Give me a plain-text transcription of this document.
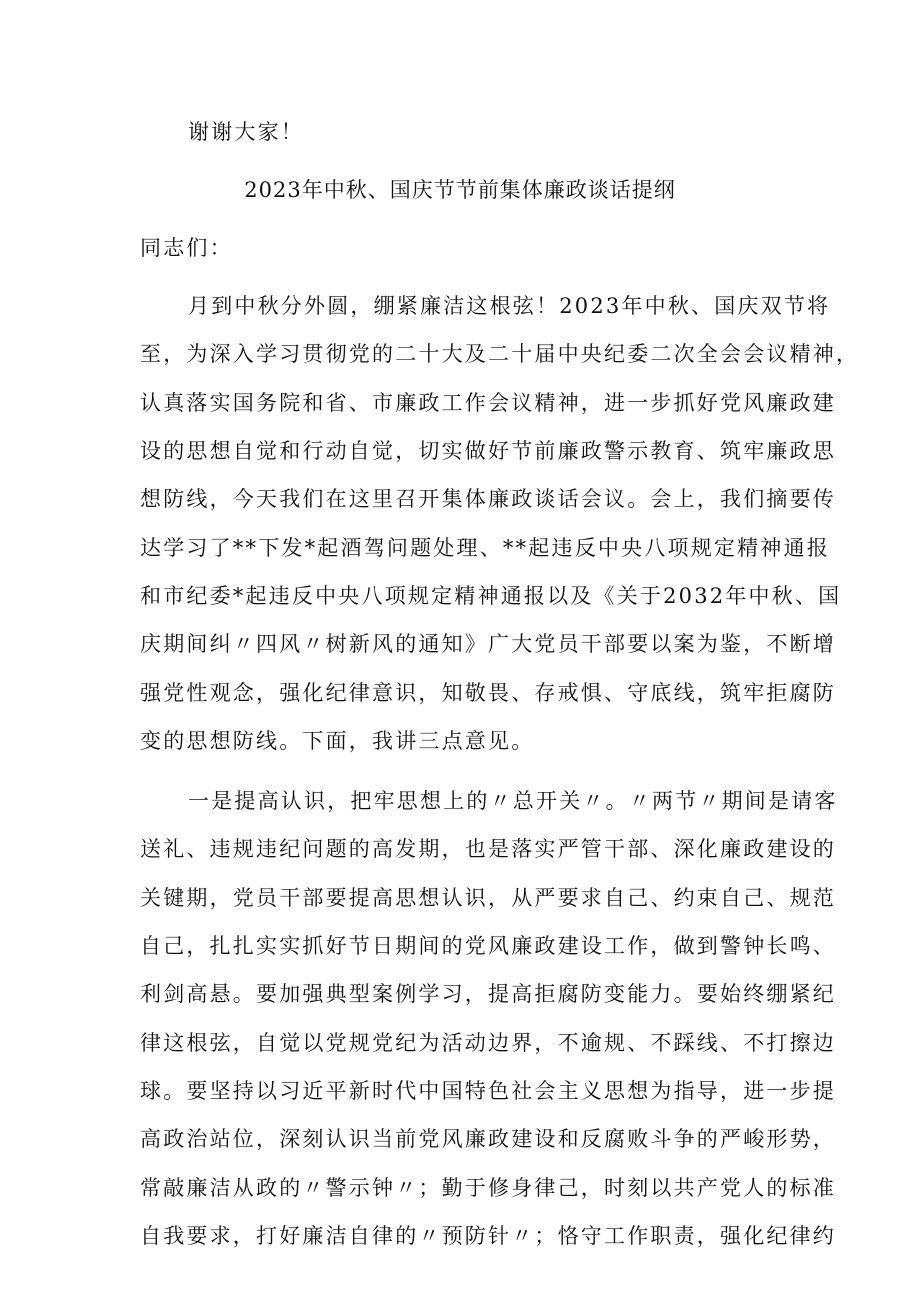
谢谢大家！
2023年中秋、国庆节节前集体廉政谈话提纲
同志们：
月到中秋分外圆，绷紧廉洁这根弦！2023年中秋、国庆双节将
至，为深入学习贯彻党的二十大及二十届中央纪委二次全会会议精神，
认真落实国务院和省、市廉政工作会议精神，进一步抓好党风廉政建
设的思想自觉和行动自觉，切实做好节前廉政警示教育、筑牢廉政思
想防线，今天我们在这里召开集体廉政谈话会议。会上，我们摘要传
达学习了**下发*起酒驾问题处理、**起违反中央八项规定精神通报
和市纪委*起违反中央八项规定精神通报以及《关于2032年中秋、国
庆期间纠〃四风〃树新风的通知》广大党员干部要以案为鉴，不断增
强党性观念，强化纪律意识，知敬畏、存戒惧、守底线，筑牢拒腐防
变的思想防线。下面，我讲三点意见。
一是提高认识，把牢思想上的〃总开关〃。〃两节〃期间是请客
送礼、违规违纪问题的高发期，也是落实严管干部、深化廉政建设的
关键期，党员干部要提高思想认识，从严要求自己、约束自己、规范
自己，扎扎实实抓好节日期间的党风廉政建设工作，做到警钟长鸣、
利剑高悬。要加强典型案例学习，提高拒腐防变能力。要始终绷紧纪
律这根弦，自觉以党规党纪为活动边界，不逾规、不踩线、不打擦边
球。要坚持以习近平新时代中国特色社会主义思想为指导，进一步提
高政治站位，深刻认识当前党风廉政建设和反腐败斗争的严峻形势，
常敲廉洁从政的〃警示钟〃；勤于修身律己，时刻以共产党人的标准
自我要求，打好廉洁自律的〃预防针〃；恪守工作职责，强化纪律约
